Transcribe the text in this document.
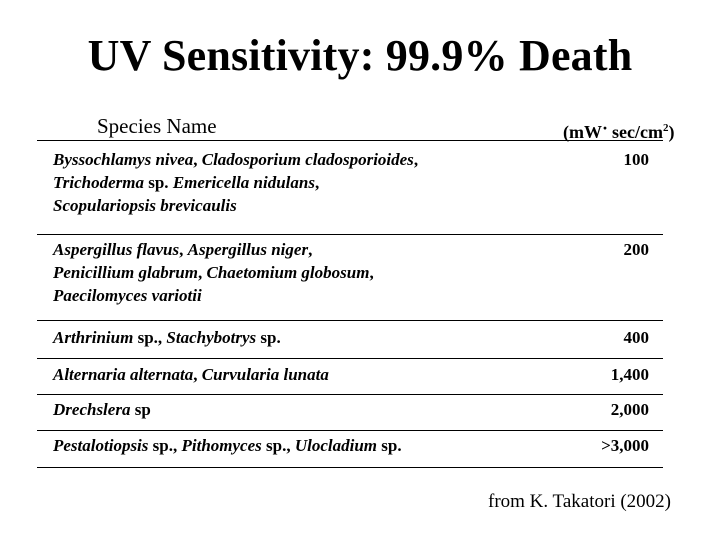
UV Sensitivity: 99.9% Death
Species Name	$(mW\cdot \sec/cm^2)$
Byssochlamys nivea, Cladosporium cladosporioides,
Trichoderma sp. Emericella nidulans,
Scopulariopsis brevicaulis
100
Aspergillus flavus, Aspergillus niger,
Penicillium glabrum, Chaetomium globosum,
Paecilomyces variotii
200
Arthrinium sp., Stachybotrys sp.	400
Alternaria alternata, Curvularia lunata	1,400
Drechslera sp	2,000
Pestalotiopsis sp., Pithomyces sp., Ulocladium sp.	>3,000
from K. Takatori (2002)
